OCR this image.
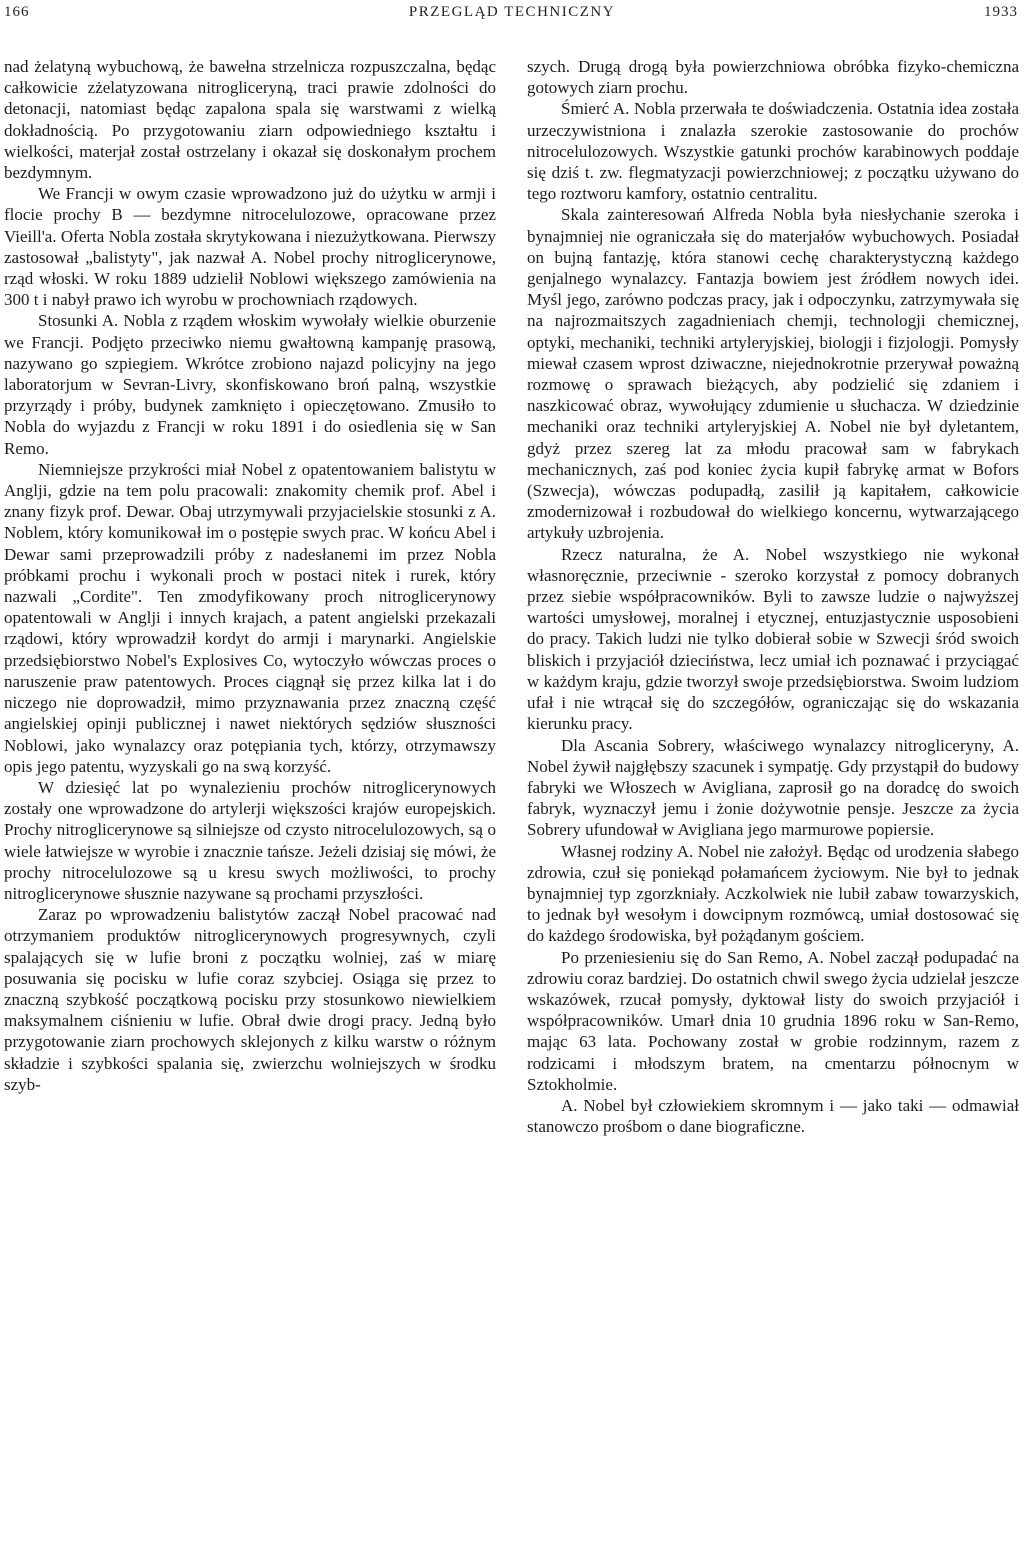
166	PRZEGLĄD TECHNICZNY	1933

nad żelatyną wybuchową, że bawełna strzelnicza rozpuszczalna, będąc całkowicie zżelatyzowana nitrogliceryną, traci prawie zdolności do detonacji, natomiast będąc zapalona spala się warstwami z wielką dokładnością. Po przygotowaniu ziarn odpowiedniego kształtu i wielkości, materjał został ostrzelany i okazał się doskonałym prochem bezdymnym.

We Francji w owym czasie wprowadzono już do użytku w armji i flocie prochy B — bezdymne nitrocelulozowe, opracowane przez Vieill'a. Oferta Nobla została skrytykowana i niezużytkowana. Pierwszy zastosował „balistyty", jak nazwał A. Nobel prochy nitroglicerynowe, rząd włoski. W roku 1889 udzielił Noblowi większego zamówienia na 300 t i nabył prawo ich wyrobu w prochowniach rządowych.

Stosunki A. Nobla z rządem włoskim wywołały wielkie oburzenie we Francji. Podjęto przeciwko niemu gwałtowną kampanję prasową, nazywano go szpiegiem. Wkrótce zrobiono najazd policyjny na jego laboratorjum w Sevran-Livry, skonfiskowano broń palną, wszystkie przyrządy i próby, budynek zamknięto i opieczętowano. Zmusiło to Nobla do wyjazdu z Francji w roku 1891 i do osiedlenia się w San Remo.

Niemniejsze przykrości miał Nobel z opatentowaniem balistytu w Anglji, gdzie na tem polu pracowali: znakomity chemik prof. Abel i znany fizyk prof. Dewar. Obaj utrzymywali przyjacielskie stosunki z A. Noblem, który komunikował im o postępie swych prac. W końcu Abel i Dewar sami przeprowadzili próby z nadesłanemi im przez Nobla próbkami prochu i wykonali proch w postaci nitek i rurek, który nazwali „Cordite". Ten zmodyfikowany proch nitroglicerynowy opatentowali w Anglji i innych krajach, a patent angielski przekazali rządowi, który wprowadził kordyt do armji i marynarki. Angielskie przedsiębiorstwo Nobel's Explosives Co, wytoczyło wówczas proces o naruszenie praw patentowych. Proces ciągnął się przez kilka lat i do niczego nie doprowadził, mimo przyznawania przez znaczną część angielskiej opinji publicznej i nawet niektórych sędziów słuszności Noblowi, jako wynalazcy oraz potępiania tych, którzy, otrzymawszy opis jego patentu, wyzyskali go na swą korzyść.

W dziesięć lat po wynalezieniu prochów nitroglicerynowych zostały one wprowadzone do artylerji większości krajów europejskich. Prochy nitroglicerynowe są silniejsze od czysto nitrocelulozowych, są o wiele łatwiejsze w wyrobie i znacznie tańsze. Jeżeli dzisiaj się mówi, że prochy nitrocelulozowe są u kresu swych możliwości, to prochy nitroglicerynowe słusznie nazywane są prochami przyszłości.

Zaraz po wprowadzeniu balistytów zaczął Nobel pracować nad otrzymaniem produktów nitroglicerynowych progresywnych, czyli spalających się w lufie broni z początku wolniej, zaś w miarę posuwania się pocisku w lufie coraz szybciej. Osiąga się przez to znaczną szybkość początkową pocisku przy stosunkowo niewielkiem maksymalnem ciśnieniu w lufie. Obrał dwie drogi pracy. Jedną było przygotowanie ziarn prochowych sklejonych z kilku warstw o różnym składzie i szybkości spalania się, zwierzchu wolniejszych w środku szyb-

szych. Drugą drogą była powierzchniowa obróbka fizyko-chemiczna gotowych ziarn prochu.

Śmierć A. Nobla przerwała te doświadczenia. Ostatnia idea została urzeczywistniona i znalazła szerokie zastosowanie do prochów nitrocelulozowych. Wszystkie gatunki prochów karabinowych poddaje się dziś t. zw. flegmatyzacji powierzchniowej; z początku używano do tego roztworu kamfory, ostatnio centralitu.

Skala zainteresowań Alfreda Nobla była niesłychanie szeroka i bynajmniej nie ograniczała się do materjałów wybuchowych. Posiadał on bujną fantazję, która stanowi cechę charakterystyczną każdego genjalnego wynalazcy. Fantazja bowiem jest źródłem nowych idei. Myśl jego, zarówno podczas pracy, jak i odpoczynku, zatrzymywała się na najrozmaitszych zagadnieniach chemji, technologji chemicznej, optyki, mechaniki, techniki artyleryjskiej, biologji i fizjologji. Pomysły miewał czasem wprost dziwaczne, niejednokrotnie przerywał poważną rozmowę o sprawach bieżących, aby podzielić się zdaniem i naszkicować obraz, wywołujący zdumienie u słuchacza. W dziedzinie mechaniki oraz techniki artyleryjskiej A. Nobel nie był dyletantem, gdyż przez szereg lat za młodu pracował sam w fabrykach mechanicznych, zaś pod koniec życia kupił fabrykę armat w Bofors (Szwecja), wówczas podupadłą, zasilił ją kapitałem, całkowicie zmodernizował i rozbudował do wielkiego koncernu, wytwarzającego artykuły uzbrojenia.

Rzecz naturalna, że A. Nobel wszystkiego nie wykonał własnoręcznie, przeciwnie - szeroko korzystał z pomocy dobranych przez siebie współpracowników. Byli to zawsze ludzie o najwyższej wartości umysłowej, moralnej i etycznej, entuzjastycznie usposobieni do pracy. Takich ludzi nie tylko dobierał sobie w Szwecji śród swoich bliskich i przyjaciół dzieciństwa, lecz umiał ich poznawać i przyciągać w każdym kraju, gdzie tworzył swoje przedsiębiorstwa. Swoim ludziom ufał i nie wtrącał się do szczegółów, ograniczając się do wskazania kierunku pracy.

Dla Ascania Sobrery, właściwego wynalazcy nitrogliceryny, A. Nobel żywił najgłębszy szacunek i sympatję. Gdy przystąpił do budowy fabryki we Włoszech w Avigliana, zaprosił go na doradcę do swoich fabryk, wyznaczył jemu i żonie dożywotnie pensje. Jeszcze za życia Sobrery ufundował w Avigliana jego marmurowe popiersie.

Własnej rodziny A. Nobel nie założył. Będąc od urodzenia słabego zdrowia, czuł się poniekąd połamańcem życiowym. Nie był to jednak bynajmniej typ zgorzkniały. Aczkolwiek nie lubił zabaw towarzyskich, to jednak był wesołym i dowcipnym rozmówcą, umiał dostosować się do każdego środowiska, był pożądanym gościem.

Po przeniesieniu się do San Remo, A. Nobel zaczął podupadać na zdrowiu coraz bardziej. Do ostatnich chwil swego życia udzielał jeszcze wskazówek, rzucał pomysły, dyktował listy do swoich przyjaciół i współpracowników. Umarł dnia 10 grudnia 1896 roku w San-Remo, mając 63 lata. Pochowany został w grobie rodzinnym, razem z rodzicami i młodszym bratem, na cmentarzu północnym w Sztokholmie.

A. Nobel był człowiekiem skromnym i — jako taki — odmawiał stanowczo prośbom o dane biograficzne.
